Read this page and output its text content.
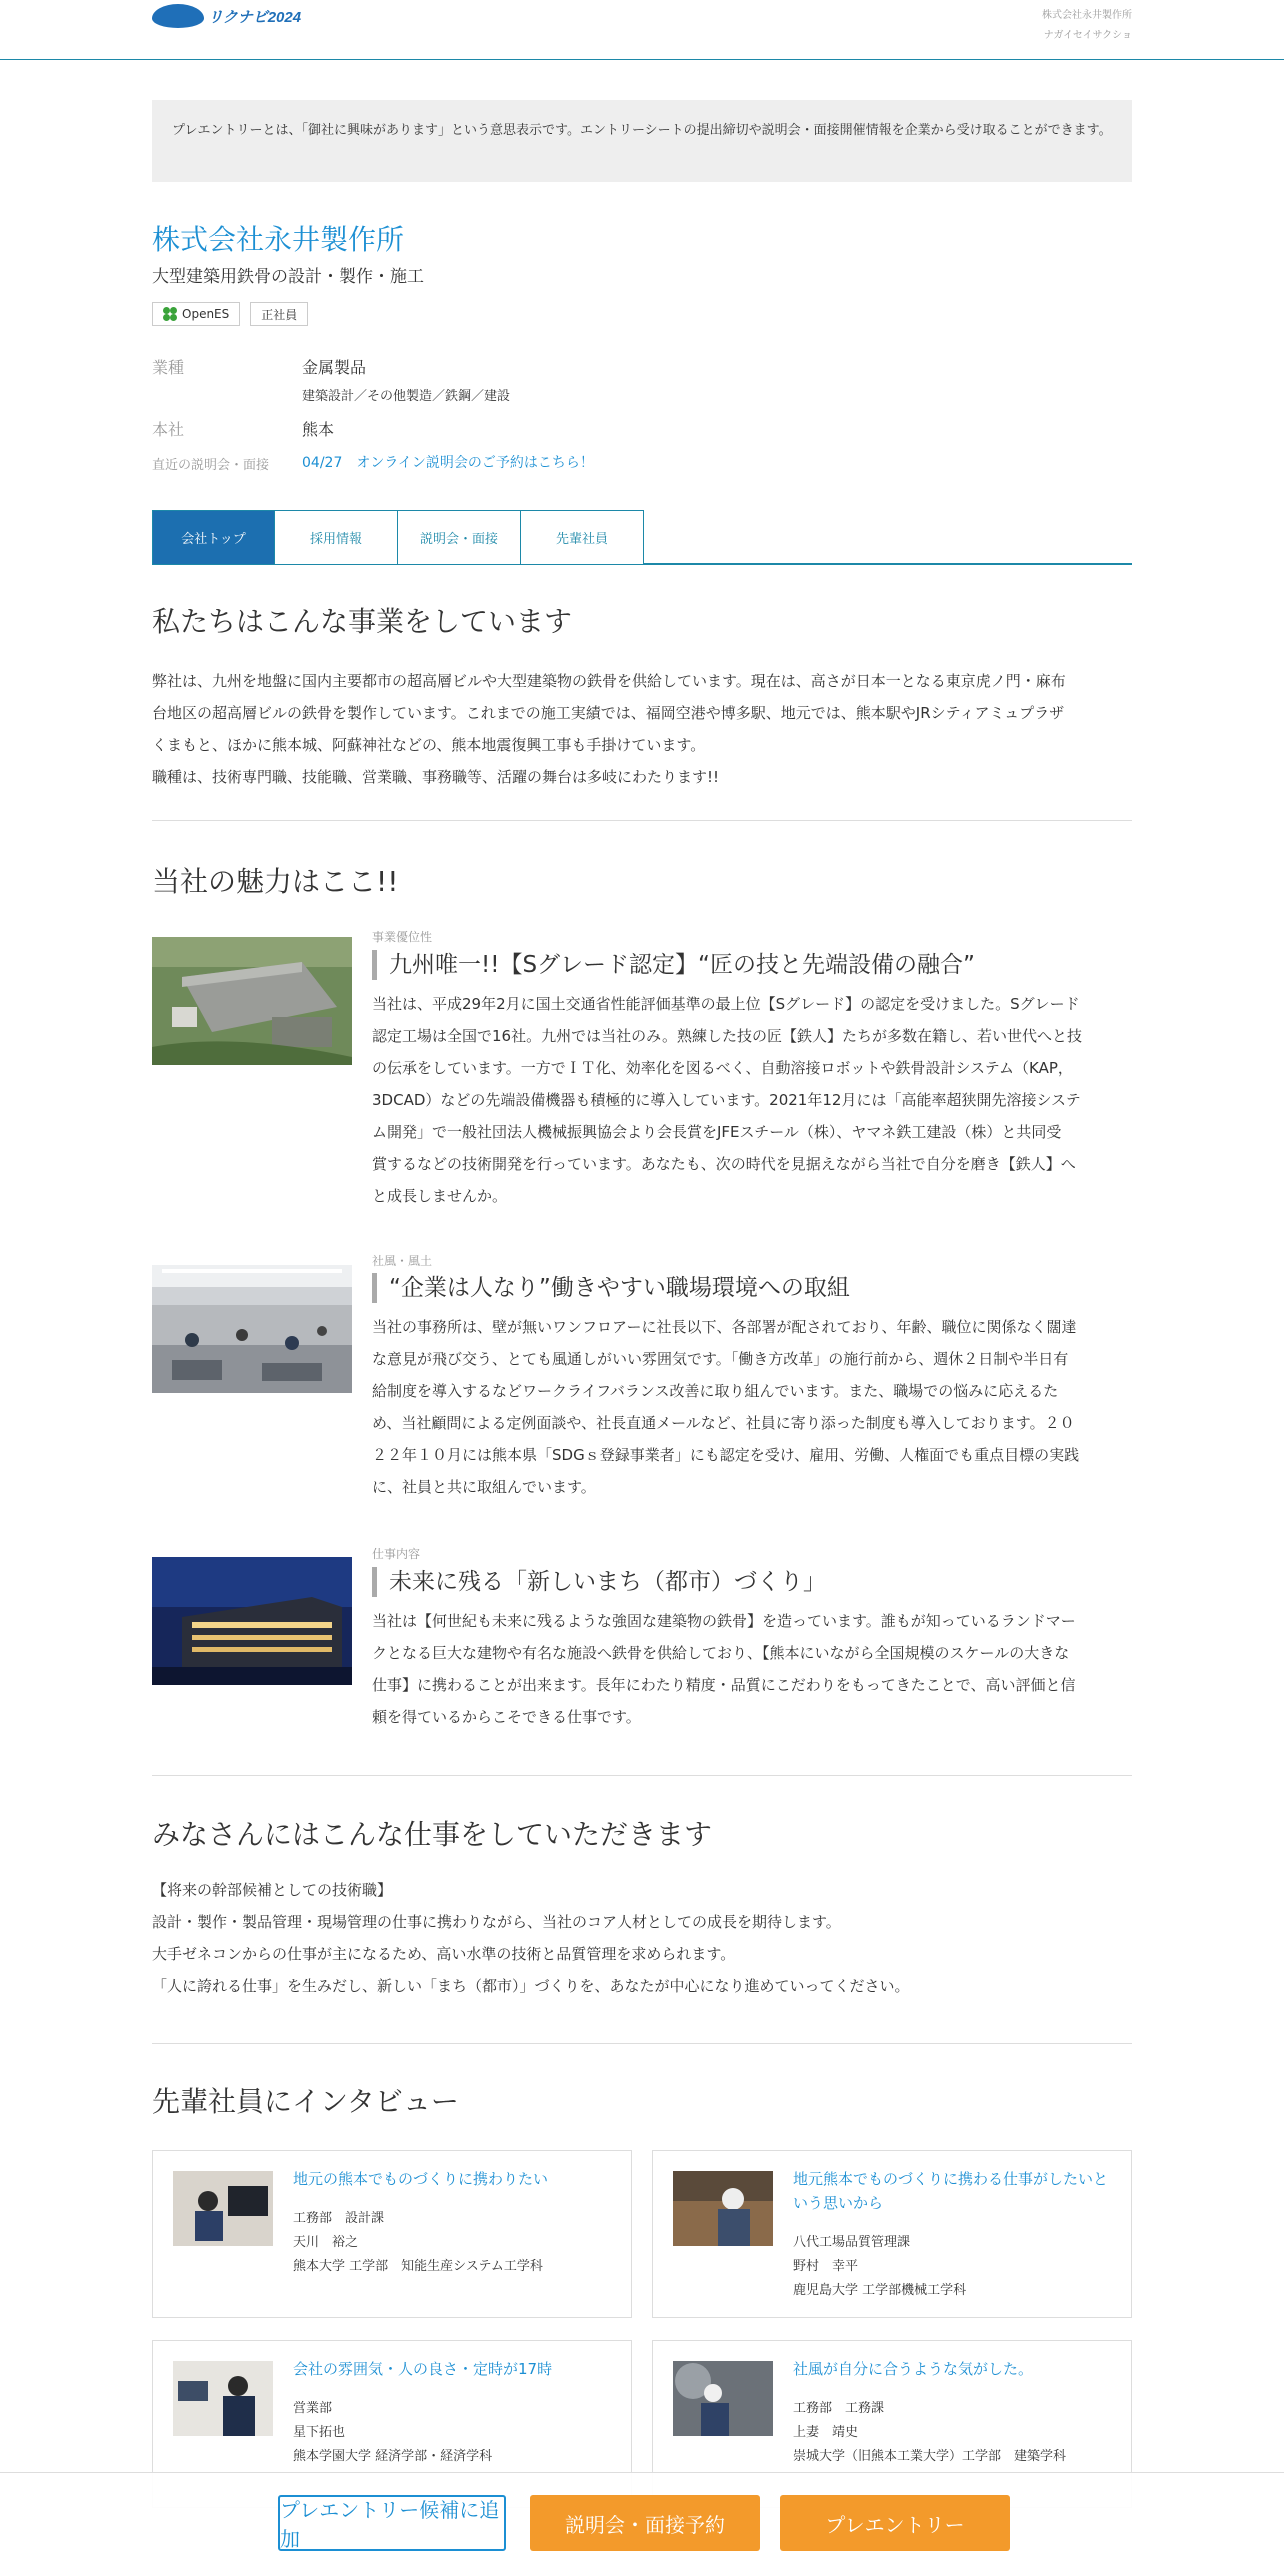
リクナビ2024	株式会社永井製作所
ナガイセイサクショ
プレエントリーとは、「御社に興味があります」という意思表示です。エントリーシートの提出締切や説明会・面接開催情報を企業から受け取ることができます。
株式会社永井製作所
大型建築用鉄骨の設計・製作・施工
OpenES	正社員
業種	金属製品
建築設計／その他製造／鉄鋼／建設
本社	熊本
直近の説明会・面接 04/27　オンライン説明会のご予約はこちら！
会社トップ	採用情報	説明会・面接	先輩社員
私たちはこんな事業をしています
弊社は、九州を地盤に国内主要都市の超高層ビルや大型建築物の鉄骨を供給しています。現在は、高さが日本一となる東京虎ノ門・麻布
台地区の超高層ビルの鉄骨を製作しています。これまでの施工実績では、福岡空港や博多駅、地元では、熊本駅やJRシティアミュプラザ
くまもと、ほかに熊本城、阿蘇神社などの、熊本地震復興工事も手掛けています。
職種は、技術専門職、技能職、営業職、事務職等、活躍の舞台は多岐にわたります!!
当社の魅力はここ!!
事業優位性
九州唯一!!【Sグレード認定】“匠の技と先端設備の融合”
当社は、平成29年2月に国土交通省性能評価基準の最上位【Sグレード】の認定を受けました。Sグレード
認定工場は全国で16社。九州では当社のみ。熟練した技の匠【鉄人】たちが多数在籍し、若い世代へと技
の伝承をしています。一方でＩＴ化、効率化を図るべく、自動溶接ロボットや鉄骨設計システム（KAP，
3DCAD）などの先端設備機器も積極的に導入しています。2021年12月には「高能率超狭開先溶接システ
ム開発」で一般社団法人機械振興協会より会長賞をJFEスチール（株）、ヤマネ鉄工建設（株）と共同受
賞するなどの技術開発を行っています。あなたも、次の時代を見据えながら当社で自分を磨き【鉄人】へ
と成長しませんか。
社風・風土
“企業は人なり”働きやすい職場環境への取組
当社の事務所は、壁が無いワンフロアーに社長以下、各部署が配されており、年齢、職位に関係なく闊達
な意見が飛び交う、とても風通しがいい雰囲気です。「働き方改革」の施行前から、週休２日制や半日有
給制度を導入するなどワークライフバランス改善に取り組んでいます。また、職場での悩みに応えるた
め、当社顧問による定例面談や、社長直通メールなど、社員に寄り添った制度も導入しております。２０
２２年１０月には熊本県「SDGｓ登録事業者」にも認定を受け、雇用、労働、人権面でも重点目標の実践
に、社員と共に取組んでいます。
仕事内容
未来に残る「新しいまち（都市）づくり」
当社は【何世紀も未来に残るような強固な建築物の鉄骨】を造っています。誰もが知っているランドマー
クとなる巨大な建物や有名な施設へ鉄骨を供給しており、【熊本にいながら全国規模のスケールの大きな
仕事】に携わることが出来ます。長年にわたり精度・品質にこだわりをもってきたことで、高い評価と信
頼を得ているからこそできる仕事です。
みなさんにはこんな仕事をしていただきます
【将来の幹部候補としての技術職】
設計・製作・製品管理・現場管理の仕事に携わりながら、当社のコア人材としての成長を期待します。
大手ゼネコンからの仕事が主になるため、高い水準の技術と品質管理を求められます。
「人に誇れる仕事」を生みだし、新しい「まち（都市）」づくりを、あなたが中心になり進めていってください。
先輩社員にインタビュー
地元の熊本でものづくりに携わりたい
工務部　設計課
天川　裕之
熊本大学 工学部　知能生産システム工学科
地元熊本でものづくりに携わる仕事がしたいという思いから
八代工場品質管理課
野村　幸平
鹿児島大学 工学部機械工学科
会社の雰囲気・人の良さ・定時が17時
営業部
星下拓也
熊本学園大学 経済学部・経済学科
社風が自分に合うような気がした。
工務部　工務課
上妻　靖史
崇城大学（旧熊本工業大学）工学部　建築学科
プレエントリー候補に追加
説明会・面接予約	プレエントリー
